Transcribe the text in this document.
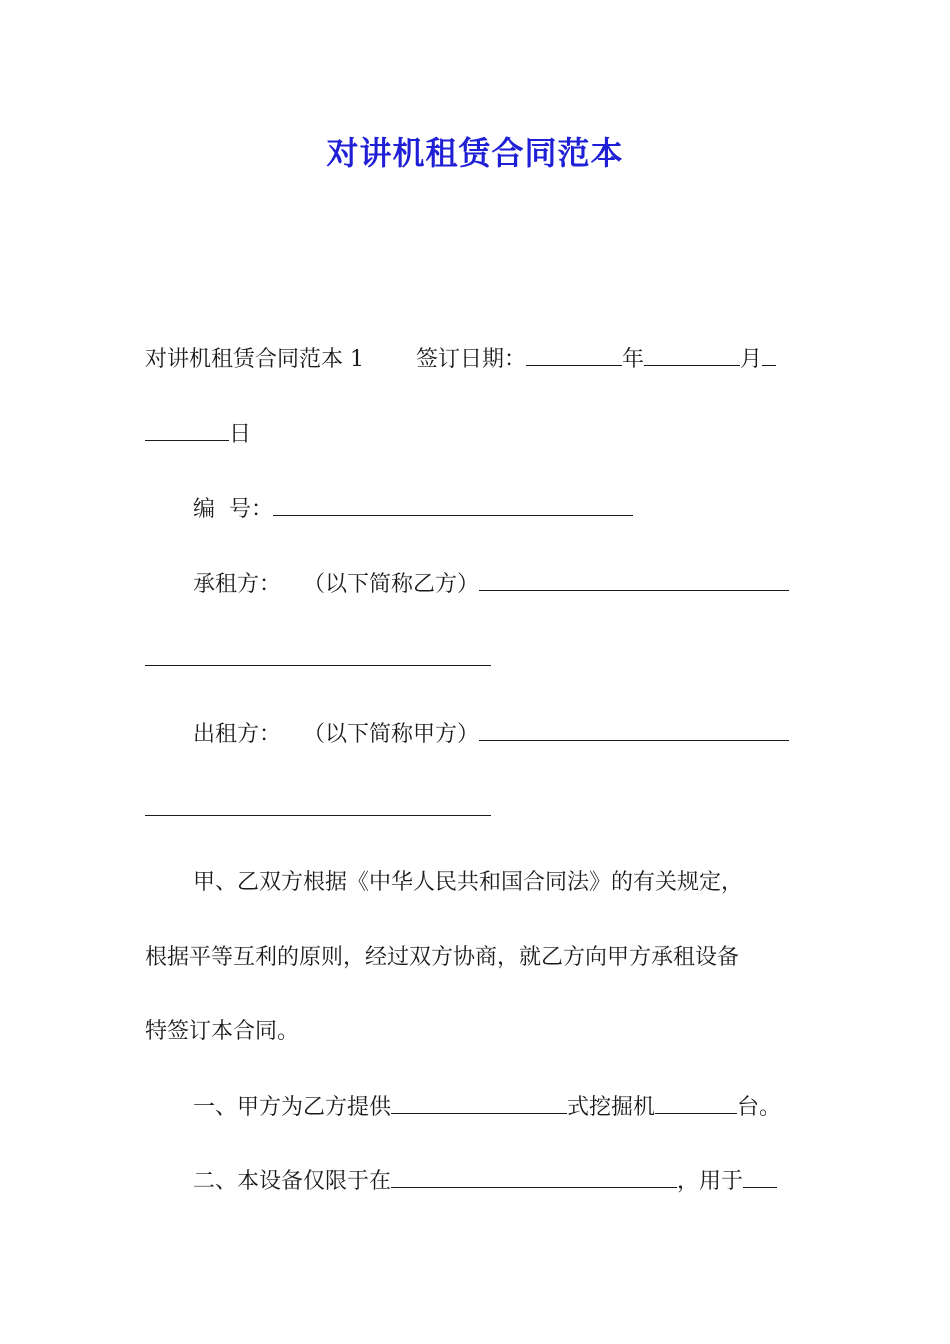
对讲机租赁合同范本
对讲机租赁合同范本 1 签订日期：	年	月
日
编  号：
承租方： （以下简称乙方）
出租方： （以下简称甲方）
甲、乙双方根据《中华人民共和国合同法》的有关规定，
根据平等互利的原则，经过双方协商，就乙方向甲方承租设备
特签订本合同。
一、甲方为乙方提供	式挖掘机	台。
二、本设备仅限于在	，用于
